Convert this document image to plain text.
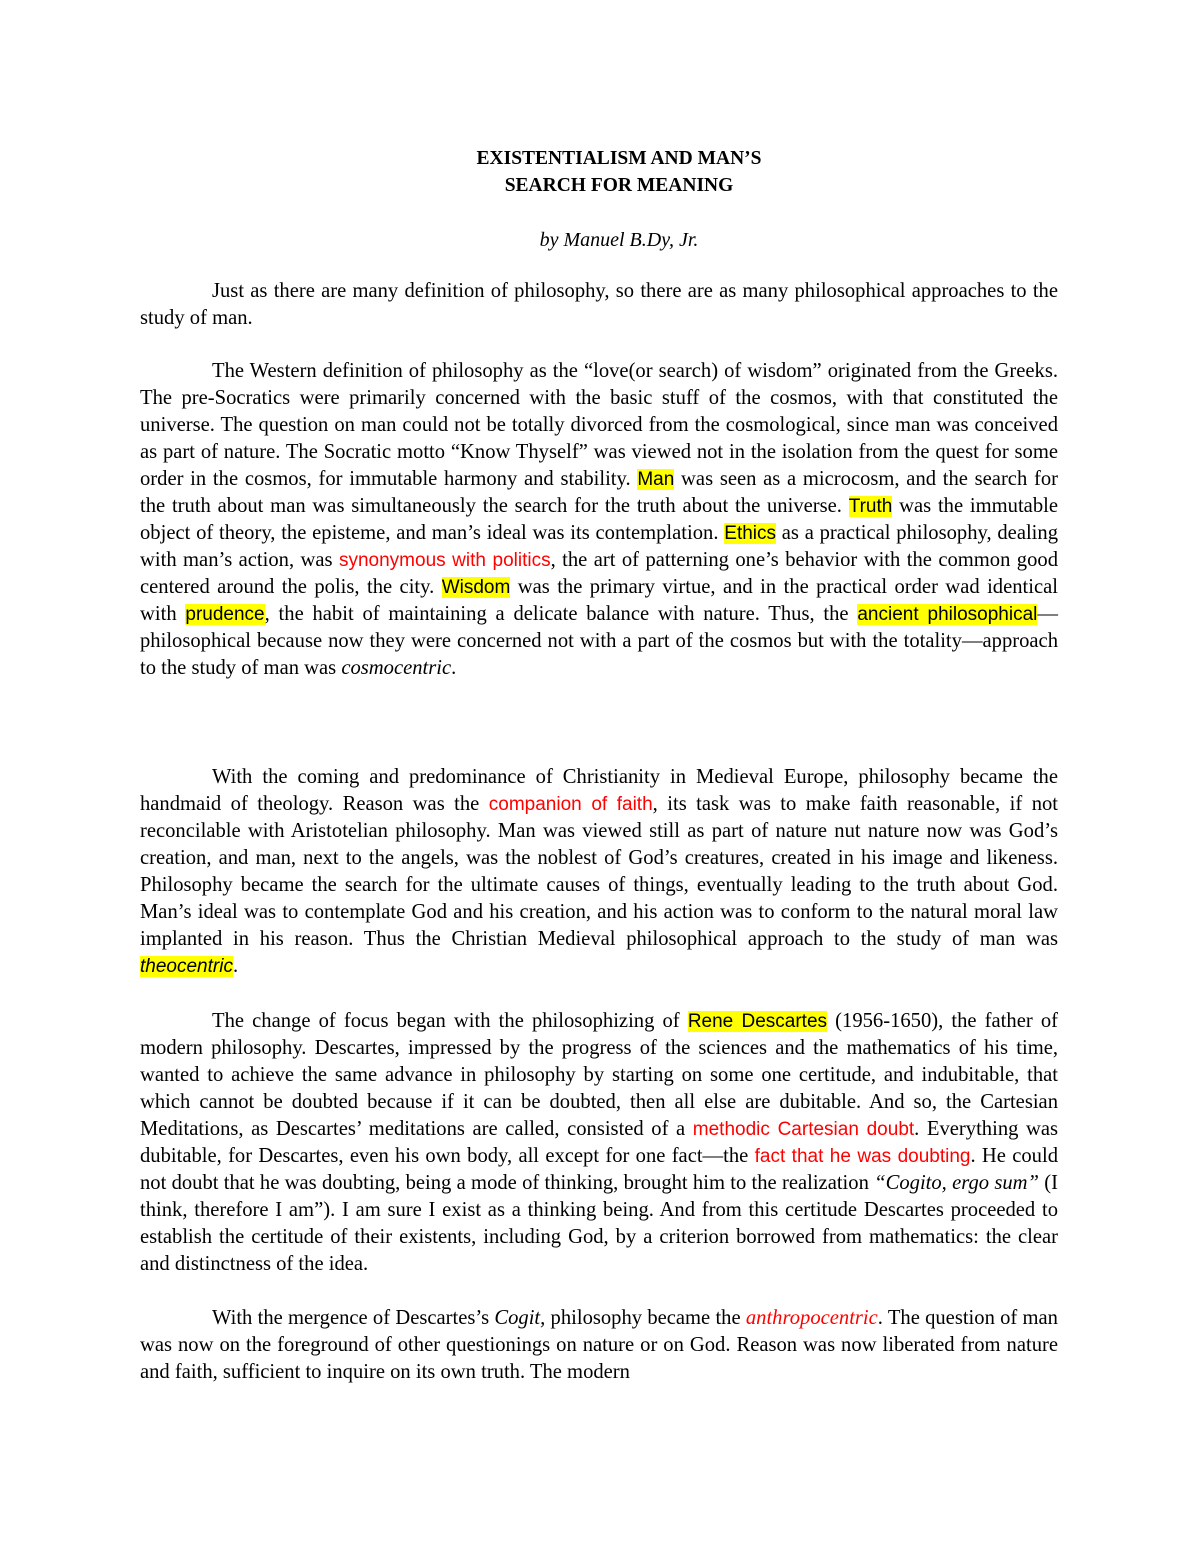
EXISTENTIALISM AND MAN’S
SEARCH FOR MEANING

by Manuel B.Dy, Jr.

Just as there are many definition of philosophy, so there are as many philosophical approaches to the study of man.

The Western definition of philosophy as the “love(or search) of wisdom” originated from the Greeks. The pre-Socratics were primarily concerned with the basic stuff of the cosmos, with that constituted the universe. The question on man could not be totally divorced from the cosmological, since man was conceived as part of nature. The Socratic motto “Know Thyself” was viewed not in the isolation from the quest for some order in the cosmos, for immutable harmony and stability. Man was seen as a microcosm, and the search for the truth about man was simultaneously the search for the truth about the universe. Truth was the immutable object of theory, the episteme, and man’s ideal was its contemplation. Ethics as a practical philosophy, dealing with man’s action, was synonymous with politics, the art of patterning one’s behavior with the common good centered around the polis, the city. Wisdom was the primary virtue, and in the practical order wad identical with prudence, the habit of maintaining a delicate balance with nature. Thus, the ancient philosophical—philosophical because now they were concerned not with a part of the cosmos but with the totality—approach to the study of man was cosmocentric.

With the coming and predominance of Christianity in Medieval Europe, philosophy became the handmaid of theology. Reason was the companion of faith, its task was to make faith reasonable, if not reconcilable with Aristotelian philosophy. Man was viewed still as part of nature nut nature now was God’s creation, and man, next to the angels, was the noblest of God’s creatures, created in his image and likeness. Philosophy became the search for the ultimate causes of things, eventually leading to the truth about God. Man’s ideal was to contemplate God and his creation, and his action was to conform to the natural moral law implanted in his reason. Thus the Christian Medieval philosophical approach to the study of man was theocentric.

The change of focus began with the philosophizing of Rene Descartes (1956-1650), the father of modern philosophy. Descartes, impressed by the progress of the sciences and the mathematics of his time, wanted to achieve the same advance in philosophy by starting on some one certitude, and indubitable, that which cannot be doubted because if it can be doubted, then all else are dubitable. And so, the Cartesian Meditations, as Descartes’ meditations are called, consisted of a methodic Cartesian doubt. Everything was dubitable, for Descartes, even his own body, all except for one fact—the fact that he was doubting. He could not doubt that he was doubting, being a mode of thinking, brought him to the realization “Cogito, ergo sum” (I think, therefore I am”). I am sure I exist as a thinking being. And from this certitude Descartes proceeded to establish the certitude of their existents, including God, by a criterion borrowed from mathematics: the clear and distinctness of the idea.

With the mergence of Descartes’s Cogit, philosophy became the anthropocentric. The question of man was now on the foreground of other questionings on nature or on God. Reason was now liberated from nature and faith, sufficient to inquire on its own truth. The modern
